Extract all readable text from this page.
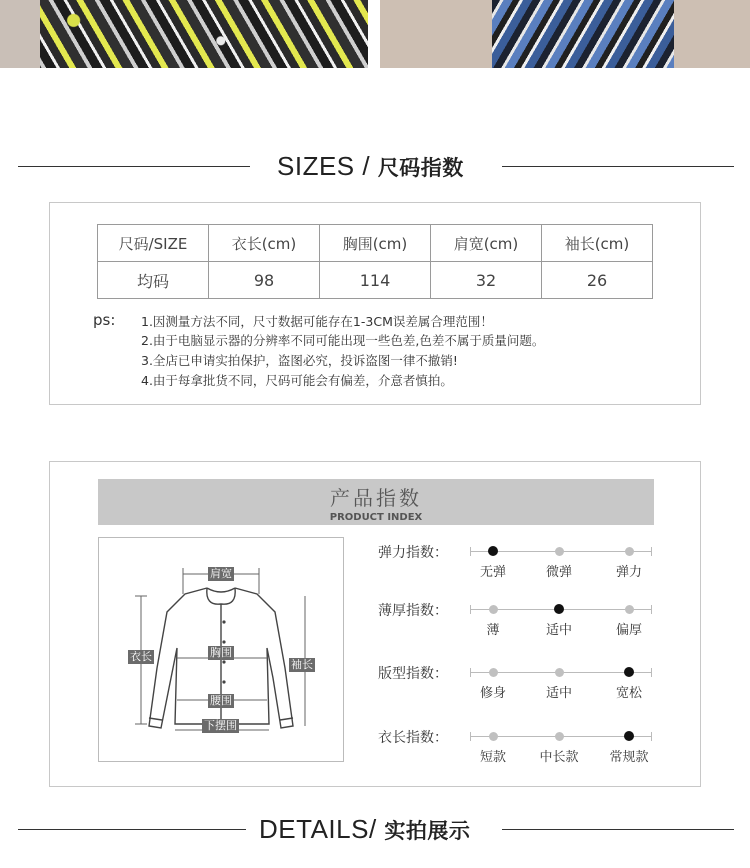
SIZES / 尺码指数
尺码/SIZE	衣长(cm)	胸围(cm)	肩宽(cm)	袖长(cm)
均码	98	114	32	26
ps: 1.因测量方法不同，尺寸数据可能存在1-3CM误差属合理范围！
2.由于电脑显示器的分辨率不同可能出现一些色差,色差不属于质量问题。
3.全店已申请实拍保护，盗图必究，投诉盗图一律不撤销!
4.由于每拿批货不同，尺码可能会有偏差，介意者慎拍。
产品指数
PRODUCT INDEX
肩宽
衣长	胸围
袖长
腰围
下摆围
弹力指数：
无弹	微弹	弹力
薄厚指数：
薄	适中	偏厚
版型指数：
修身	适中	宽松
衣长指数：
短款	中长款 常规款
DETAILS/ 实拍展示
